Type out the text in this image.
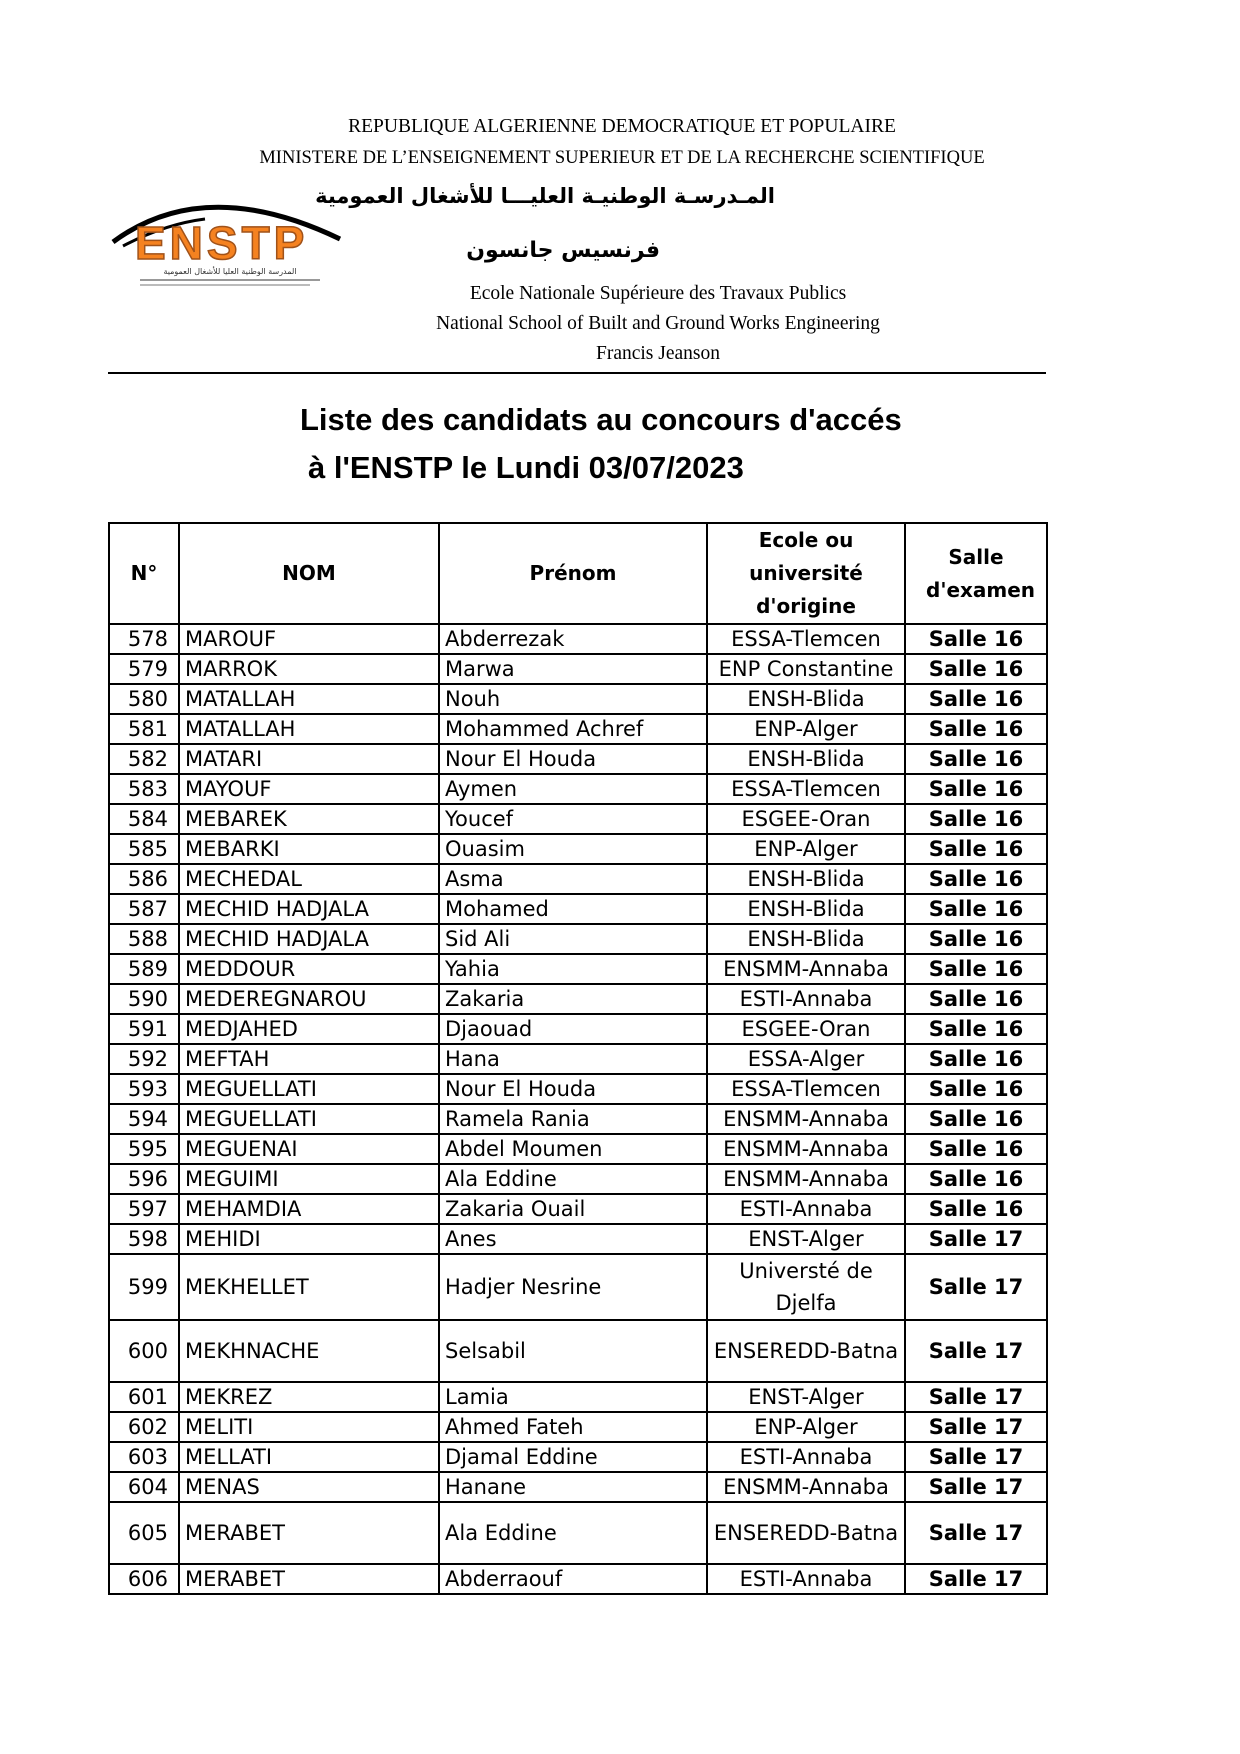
REPUBLIQUE ALGERIENNE DEMOCRATIQUE ET POPULAIRE
MINISTERE DE L’ENSEIGNEMENT SUPERIEUR ET DE LA RECHERCHE SCIENTIFIQUE
المـدرسـة الوطنيـة العليـــا للأشغال العمومية
فرنسيس جانسون
ENSTP
المدرسة الوطنية العليا للأشغال العمومية
Ecole Nationale Supérieure des Travaux Publics
National School of Built and Ground Works Engineering
Francis Jeanson
Liste des candidats au concours d'accés
à l'ENSTP le Lundi 03/07/2023
N°	NOM	Prénom	Ecole ou université d'origine	Salle d'examen

578	MAROUF	Abderrezak	ESSA-Tlemcen	Salle 16
579	MARROK	Marwa	ENP Constantine	Salle 16
580	MATALLAH	Nouh	ENSH-Blida	Salle 16
581	MATALLAH	Mohammed Achref	ENP-Alger	Salle 16
582	MATARI	Nour El Houda	ENSH-Blida	Salle 16
583	MAYOUF	Aymen	ESSA-Tlemcen	Salle 16
584	MEBAREK	Youcef	ESGEE-Oran	Salle 16
585	MEBARKI	Ouasim	ENP-Alger	Salle 16
586	MECHEDAL	Asma	ENSH-Blida	Salle 16
587	MECHID HADJALA	Mohamed	ENSH-Blida	Salle 16
588	MECHID HADJALA	Sid Ali	ENSH-Blida	Salle 16
589	MEDDOUR	Yahia	ENSMM-Annaba	Salle 16
590	MEDEREGNAROU	Zakaria	ESTI-Annaba	Salle 16
591	MEDJAHED	Djaouad	ESGEE-Oran	Salle 16
592	MEFTAH	Hana	ESSA-Alger	Salle 16
593	MEGUELLATI	Nour El Houda	ESSA-Tlemcen	Salle 16
594	MEGUELLATI	Ramela Rania	ENSMM-Annaba	Salle 16
595	MEGUENAI	Abdel Moumen	ENSMM-Annaba	Salle 16
596	MEGUIMI	Ala Eddine	ENSMM-Annaba	Salle 16
597	MEHAMDIA	Zakaria Ouail	ESTI-Annaba	Salle 16
598	MEHIDI	Anes	ENST-Alger	Salle 17
599	MEKHELLET	Hadjer Nesrine	Universté de Djelfa	Salle 17
600	MEKHNACHE	Selsabil	ENSEREDD-Batna	Salle 17
601	MEKREZ	Lamia	ENST-Alger	Salle 17
602	MELITI	Ahmed Fateh	ENP-Alger	Salle 17
603	MELLATI	Djamal Eddine	ESTI-Annaba	Salle 17
604	MENAS	Hanane	ENSMM-Annaba	Salle 17
605	MERABET	Ala Eddine	ENSEREDD-Batna	Salle 17
606	MERABET	Abderraouf	ESTI-Annaba	Salle 17
